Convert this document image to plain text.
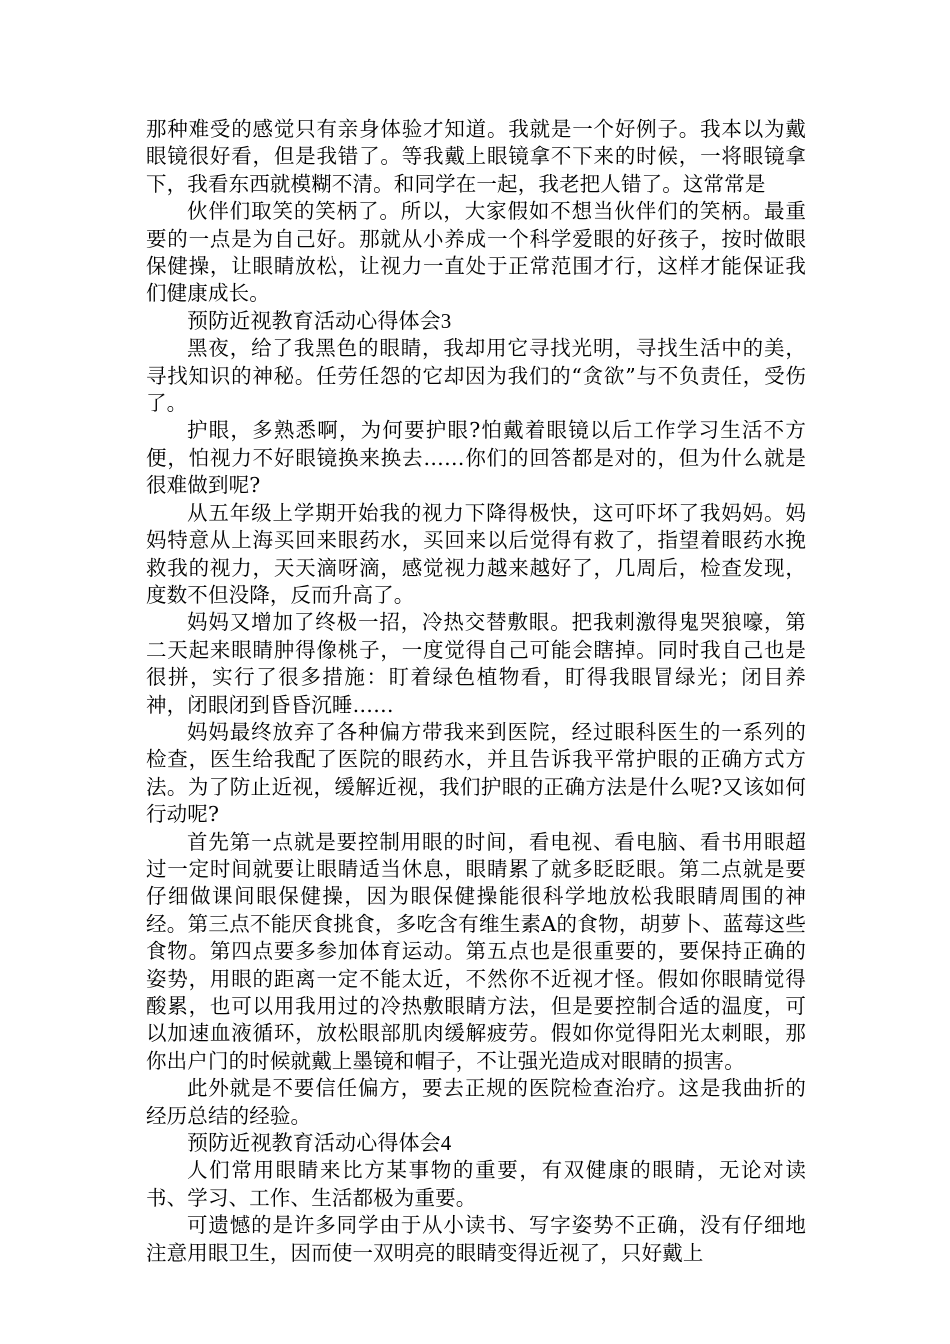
那种难受的感觉只有亲身体验才知道。我就是一个好例子。我本以为戴眼镜很好看，但是我错了。等我戴上眼镜拿不下来的时候，一将眼镜拿下，我看东西就模糊不清。和同学在一起，我老把人错了。这常常是

伙伴们取笑的笑柄了。所以，大家假如不想当伙伴们的笑柄。最重要的一点是为自己好。那就从小养成一个科学爱眼的好孩子，按时做眼保健操，让眼睛放松，让视力一直处于正常范围才行，这样才能保证我们健康成长。

预防近视教育活动心得体会3

黑夜，给了我黑色的眼睛，我却用它寻找光明，寻找生活中的美，寻找知识的神秘。任劳任怨的它却因为我们的“贪欲”与不负责任，受伤了。

护眼，多熟悉啊，为何要护眼?怕戴着眼镜以后工作学习生活不方便，怕视力不好眼镜换来换去……你们的回答都是对的，但为什么就是很难做到呢?

从五年级上学期开始我的视力下降得极快，这可吓坏了我妈妈。妈妈特意从上海买回来眼药水，买回来以后觉得有救了，指望着眼药水挽救我的视力，天天滴呀滴，感觉视力越来越好了，几周后，检查发现，度数不但没降，反而升高了。

妈妈又增加了终极一招，冷热交替敷眼。把我刺激得鬼哭狼嚎，第二天起来眼睛肿得像桃子，一度觉得自己可能会瞎掉。同时我自己也是很拼，实行了很多措施：盯着绿色植物看，盯得我眼冒绿光；闭目养神，闭眼闭到昏昏沉睡……

妈妈最终放弃了各种偏方带我来到医院，经过眼科医生的一系列的检查，医生给我配了医院的眼药水，并且告诉我平常护眼的正确方式方法。为了防止近视，缓解近视，我们护眼的正确方法是什么呢?又该如何行动呢?

首先第一点就是要控制用眼的时间，看电视、看电脑、看书用眼超过一定时间就要让眼睛适当休息，眼睛累了就多眨眨眼。第二点就是要仔细做课间眼保健操，因为眼保健操能很科学地放松我眼睛周围的神经。第三点不能厌食挑食，多吃含有维生素A的食物，胡萝卜、蓝莓这些食物。第四点要多参加体育运动。第五点也是很重要的，要保持正确的姿势，用眼的距离一定不能太近，不然你不近视才怪。假如你眼睛觉得酸累，也可以用我用过的冷热敷眼睛方法，但是要控制合适的温度，可以加速血液循环，放松眼部肌肉缓解疲劳。假如你觉得阳光太刺眼，那你出户门的时候就戴上墨镜和帽子，不让强光造成对眼睛的损害。

此外就是不要信任偏方，要去正规的医院检查治疗。这是我曲折的经历总结的经验。

预防近视教育活动心得体会4

人们常用眼睛来比方某事物的重要，有双健康的眼睛，无论对读书、学习、工作、生活都极为重要。

可遗憾的是许多同学由于从小读书、写字姿势不正确，没有仔细地注意用眼卫生，因而使一双明亮的眼睛变得近视了，只好戴上
